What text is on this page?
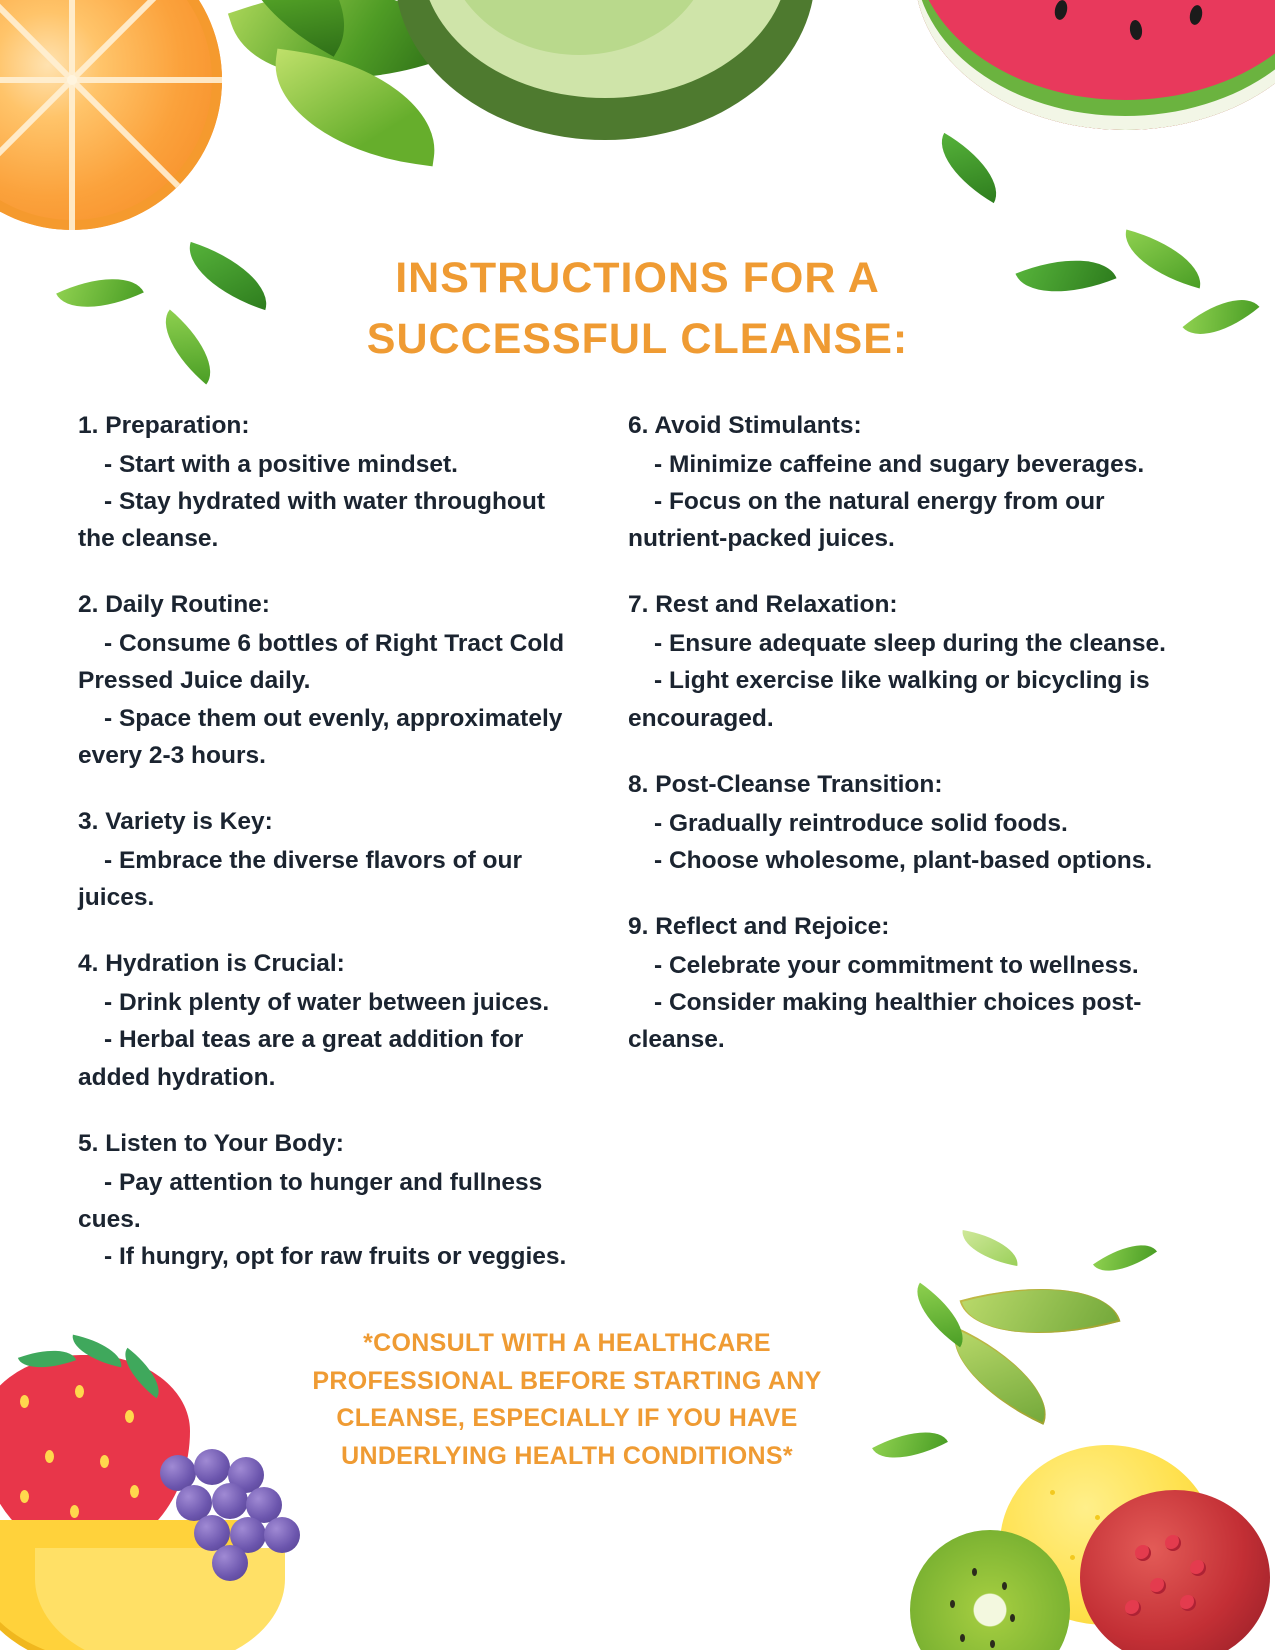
INSTRUCTIONS FOR A
SUCCESSFUL CLEANSE:
1. Preparation:
- Start with a positive mindset.
- Stay hydrated with water throughout the cleanse.
2. Daily Routine:
- Consume 6 bottles of Right Tract Cold Pressed Juice daily.
- Space them out evenly, approximately every 2-3 hours.
3. Variety is Key:
- Embrace the diverse flavors of our juices.
4. Hydration is Crucial:
- Drink plenty of water between juices.
- Herbal teas are a great addition for added hydration.
5. Listen to Your Body:
- Pay attention to hunger and fullness cues.
- If hungry, opt for raw fruits or veggies.
6. Avoid Stimulants:
- Minimize caffeine and sugary beverages.
- Focus on the natural energy from our nutrient-packed juices.
7. Rest and Relaxation:
- Ensure adequate sleep during the cleanse.
- Light exercise like walking or bicycling is encouraged.
8. Post-Cleanse Transition:
- Gradually reintroduce solid foods.
- Choose wholesome, plant-based options.
9. Reflect and Rejoice:
- Celebrate your commitment to wellness.
- Consider making healthier choices post-cleanse.
*CONSULT WITH A HEALTHCARE PROFESSIONAL BEFORE STARTING ANY CLEANSE, ESPECIALLY IF YOU HAVE UNDERLYING HEALTH CONDITIONS*
